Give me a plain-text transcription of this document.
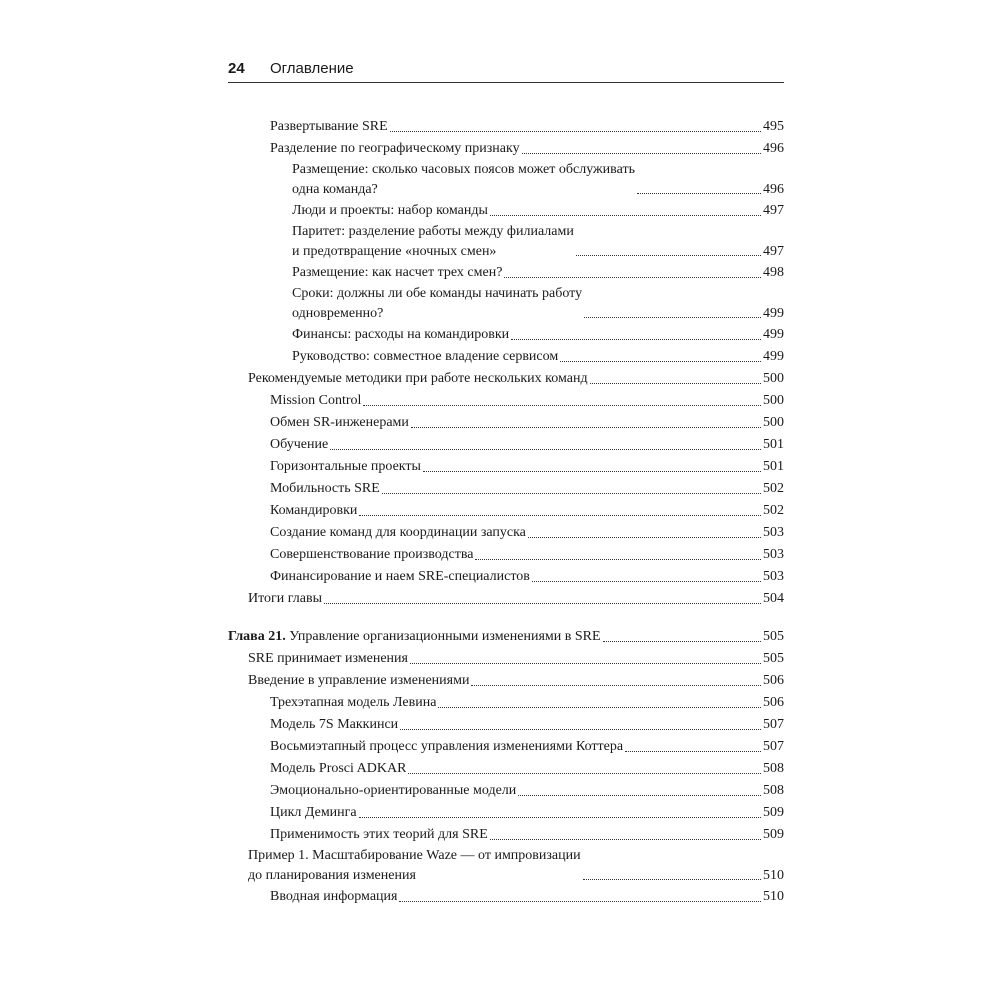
24 Оглавление
Развертывание SRE	495
Разделение по географическому признаку	496
Размещение: сколько часовых поясов может обслуживать
одна команда?	496
Люди и проекты: набор команды	497
Паритет: разделение работы между филиалами
и предотвращение «ночных смен»	497
Размещение: как насчет трех смен?	498
Сроки: должны ли обе команды начинать работу
одновременно?	499
Финансы: расходы на командировки	499
Руководство: совместное владение сервисом	499
Рекомендуемые методики при работе нескольких команд	500
Mission Control	500
Обмен SR-инженерами	500
Обучение	501
Горизонтальные проекты	501
Мобильность SRE	502
Командировки	502
Создание команд для координации запуска	503
Совершенствование производства	503
Финансирование и наем SRE-специалистов	503
Итоги главы	504
Глава 21. Управление организационными изменениями в SRE	505
SRE принимает изменения	505
Введение в управление изменениями	506
Трехэтапная модель Левина	506
Модель 7S Маккинси	507
Восьмиэтапный процесс управления изменениями Коттера	507
Модель Prosci ADKAR	508
Эмоционально-ориентированные модели	508
Цикл Деминга	509
Применимость этих теорий для SRE	509
Пример 1. Масштабирование Waze — от импровизации
до планирования изменения	510
Вводная информация	510
